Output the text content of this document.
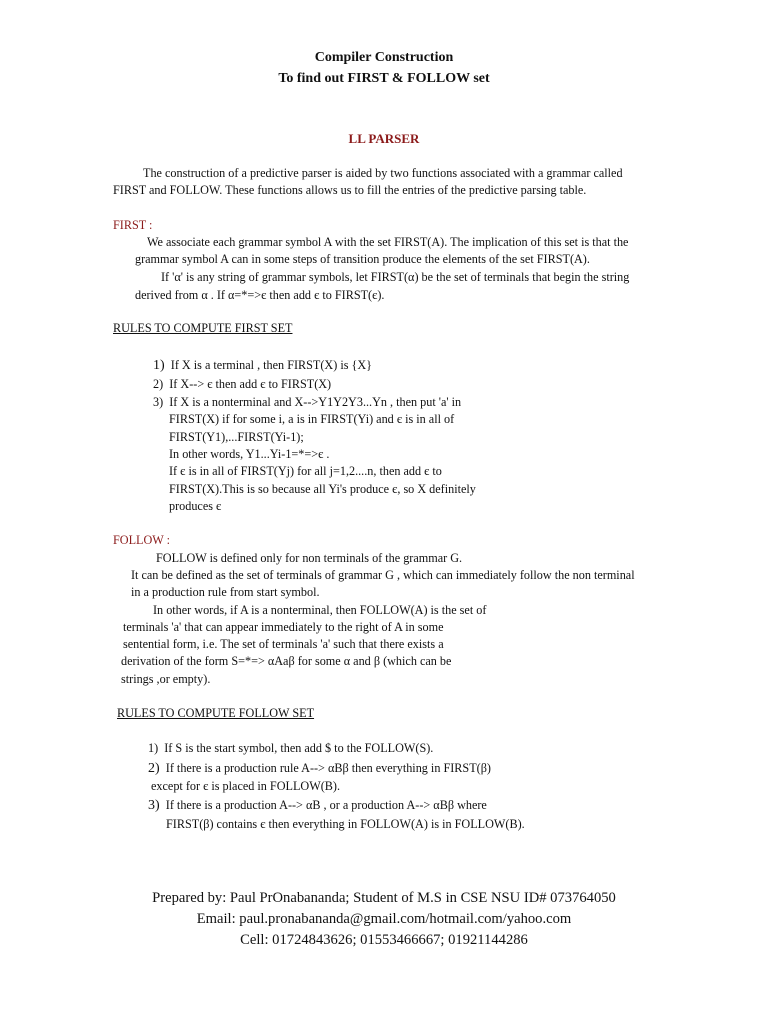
Compiler Construction
To find out FIRST & FOLLOW set
LL PARSER
The construction of a predictive parser is aided by two functions associated with a grammar called
FIRST and FOLLOW. These functions allows us to fill the entries of the predictive parsing table.
FIRST :
We associate each grammar symbol A with the set FIRST(A). The implication of this set is that the
grammar symbol A can in some steps of transition produce the elements of the set FIRST(A).
If 'α' is any string of grammar symbols, let FIRST(α) be the set of terminals that begin the string
derived from α . If α=*=>є then add є to FIRST(є).
RULES TO COMPUTE FIRST SET
1) If X is a terminal , then FIRST(X) is {X}
2) If X--> є then add є to FIRST(X)
3) If X is a nonterminal and X-->Y1Y2Y3...Yn , then put 'a' in
FIRST(X) if for some i, a is in FIRST(Yi) and є is in all of
FIRST(Y1),...FIRST(Yi-1);
In other words, Y1...Yi-1=*=>є .
If є is in all of FIRST(Yj) for all j=1,2....n, then add є to
FIRST(X).This is so because all Yi's produce є, so X definitely
produces є
FOLLOW :
FOLLOW is defined only for non terminals of the grammar G.
It can be defined as the set of terminals of grammar G , which can immediately follow the non terminal
in a production rule from start symbol.
In other words, if A is a nonterminal, then FOLLOW(A) is the set of
terminals 'a' that can appear immediately to the right of A in some
sentential form, i.e. The set of terminals 'a' such that there exists a
derivation of the form S=*=> αAaβ for some α and β (which can be
strings ,or empty).
RULES TO COMPUTE FOLLOW SET
1) If S is the start symbol, then add $ to the FOLLOW(S).
2) If there is a production rule A--> αBβ then everything in FIRST(β)
except for є is placed in FOLLOW(B).
3) If there is a production A--> αB , or a production A--> αBβ where
FIRST(β) contains є then everything in FOLLOW(A) is in FOLLOW(B).
Prepared by: Paul PrOnabananda; Student of M.S in CSE NSU ID# 073764050
Email: paul.pronabananda@gmail.com/hotmail.com/yahoo.com
Cell: 01724843626; 01553466667; 01921144286
